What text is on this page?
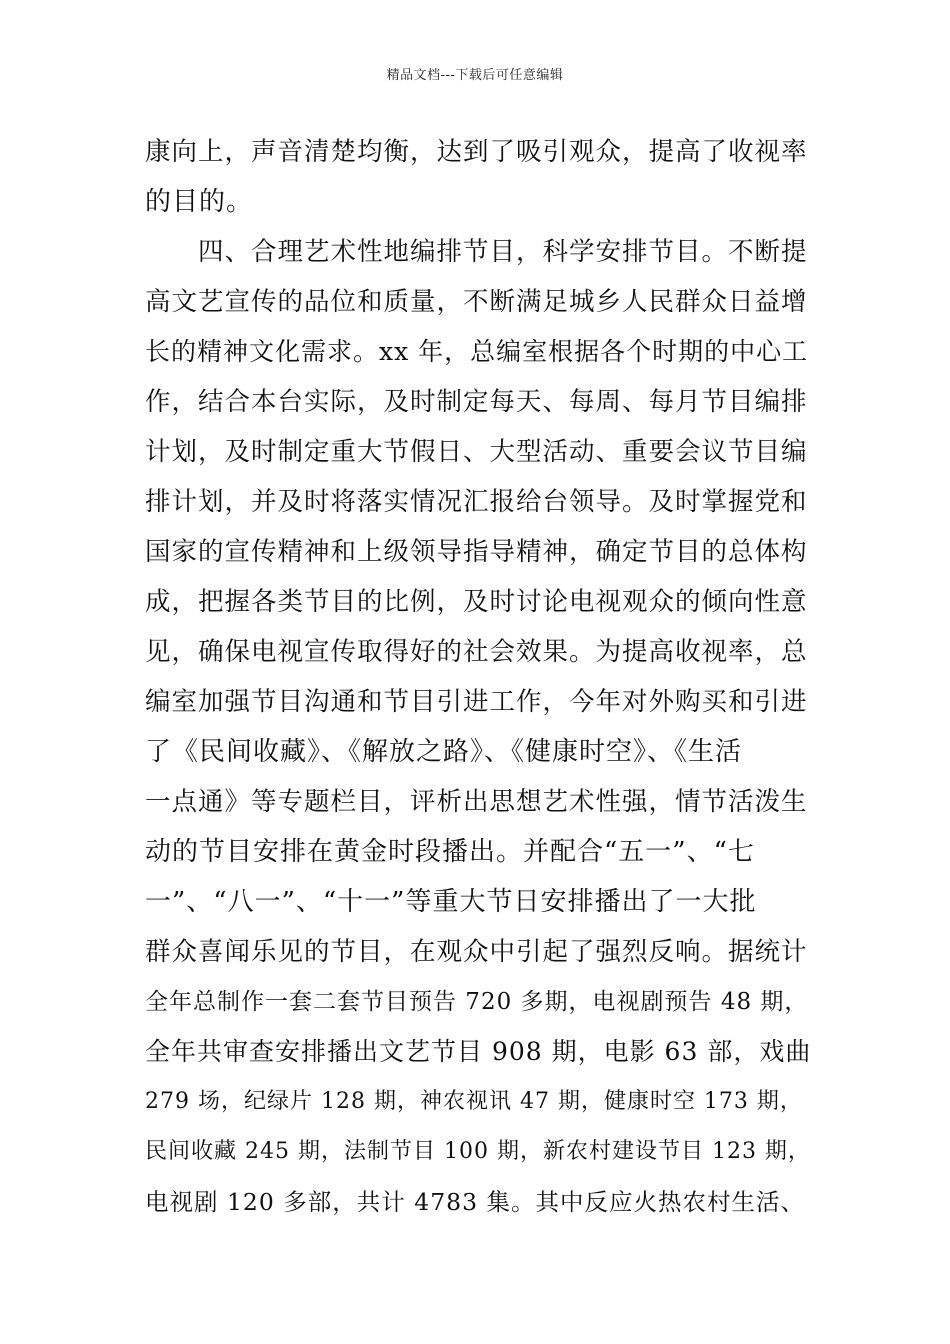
精品文档---下载后可任意编辑
康向上，声音清楚均衡，达到了吸引观众，提高了收视率
的目的。
　　四、合理艺术性地编排节目，科学安排节目。不断提
高文艺宣传的品位和质量，不断满足城乡人民群众日益增
长的精神文化需求。xx 年，总编室根据各个时期的中心工
作，结合本台实际，及时制定每天、每周、每月节目编排
计划，及时制定重大节假日、大型活动、重要会议节目编
排计划，并及时将落实情况汇报给台领导。及时掌握党和
国家的宣传精神和上级领导指导精神，确定节目的总体构
成，把握各类节目的比例，及时讨论电视观众的倾向性意
见，确保电视宣传取得好的社会效果。为提高收视率，总
编室加强节目沟通和节目引进工作，今年对外购买和引进
了《民间收藏》、《解放之路》、《健康时空》、《生活
一点通》等专题栏目，评析出思想艺术性强，情节活泼生
动的节目安排在黄金时段播出。并配合“五一”、“七
一”、“八一”、“十一”等重大节日安排播出了一大批
群众喜闻乐见的节目，在观众中引起了强烈反响。据统计
全年总制作一套二套节目预告 720 多期，电视剧预告 48 期，
全年共审查安排播出文艺节目 908 期，电影 63 部，戏曲
279 场，纪绿片 128 期，神农视讯 47 期，健康时空 173 期，
民间收藏 245 期，法制节目 100 期，新农村建设节目 123 期，
电视剧 120 多部，共计 4783 集。其中反应火热农村生活、
